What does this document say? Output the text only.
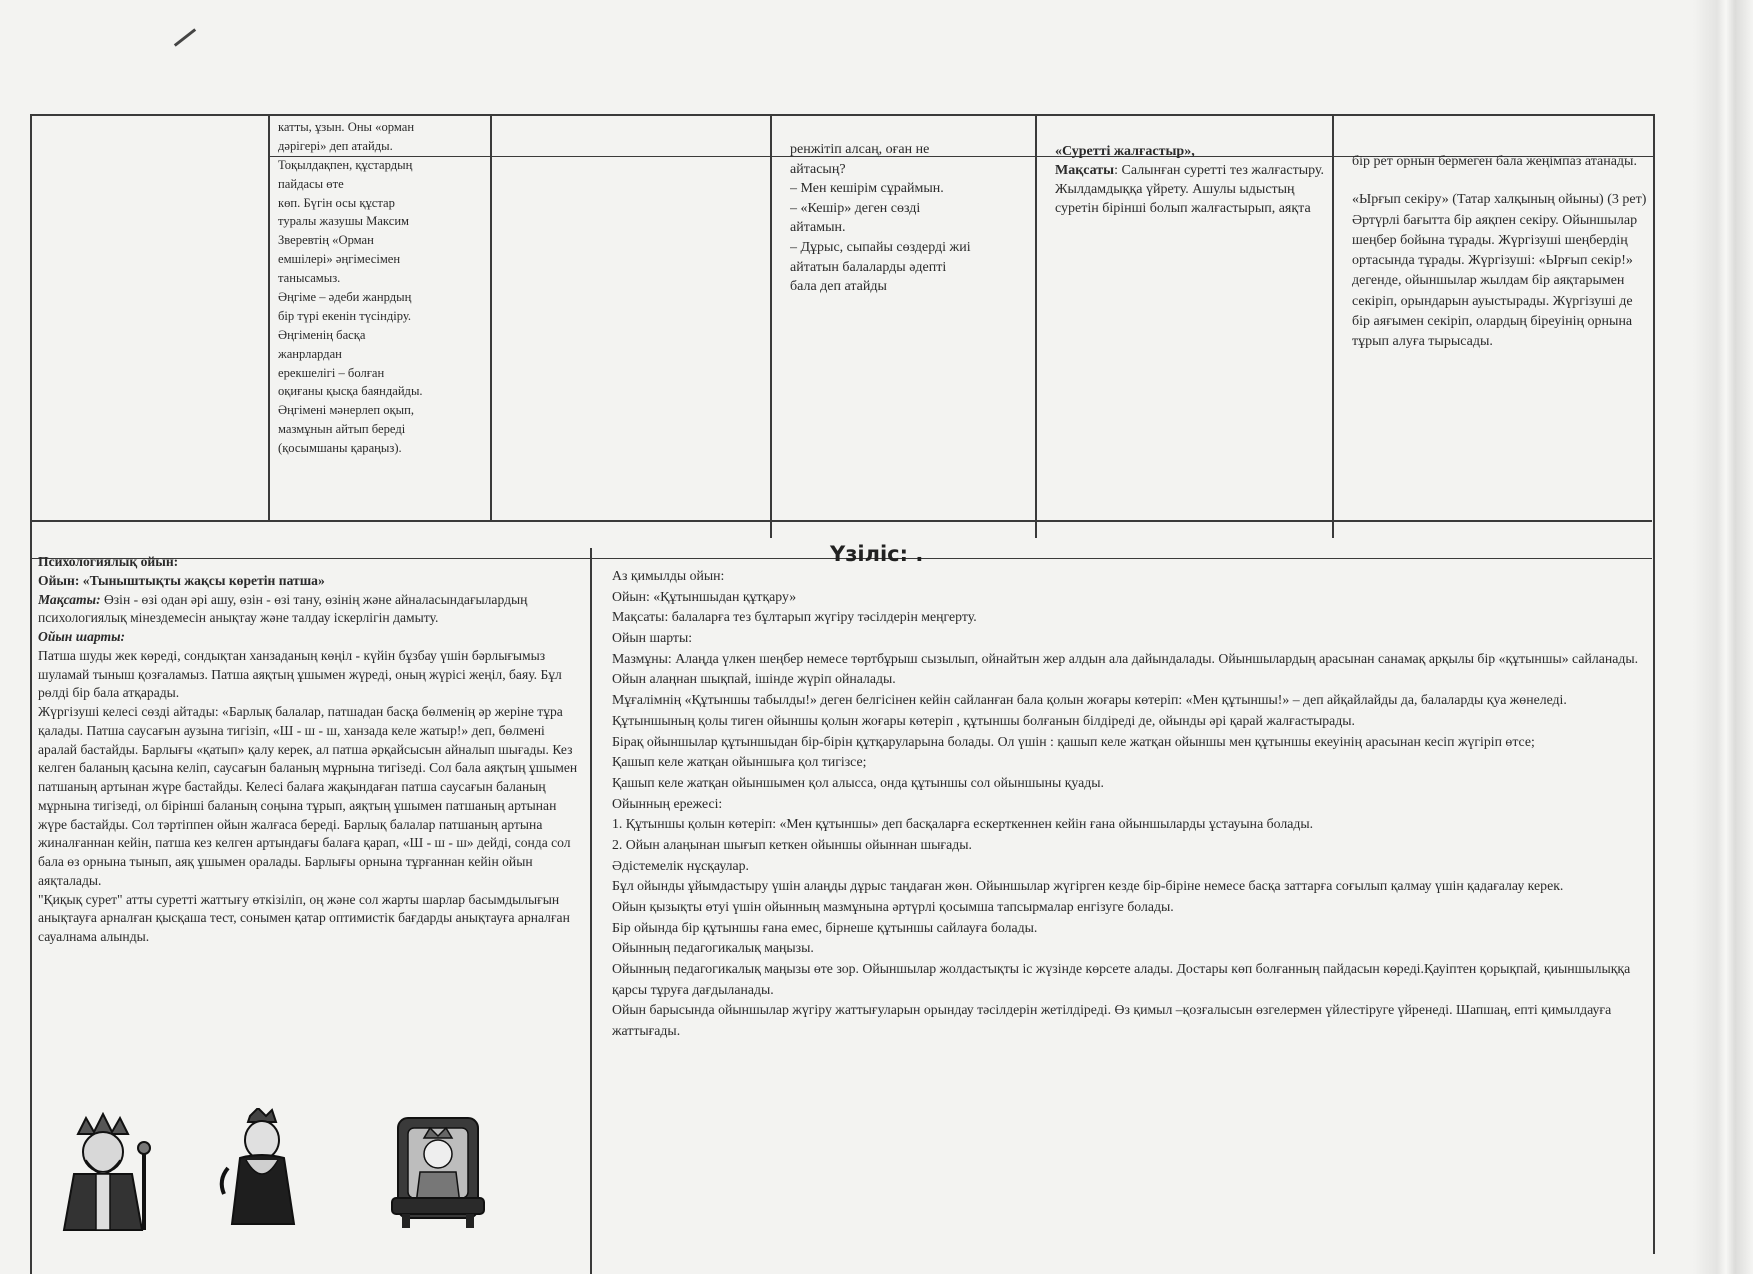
катты, ұзын. Оны «орман

дәрігері» деп атайды.

Тоқылдақпен, құстардың

пайдасы өте

көп. Бүгін осы құстар

туралы жазушы Максим

Зверевтің «Орман

емшілері» әңгімесімен

танысамыз.

Әңгіме – әдеби жанрдың

бір түрі екенін түсіндіру.

Әңгіменің басқа

жанрлардан

ерекшелігі – болған

оқиғаны қысқа баяндайды.

Әңгімені мәнерлеп оқып,

мазмұнын айтып береді

(қосымшаны қараңыз).

ренжітіп алсаң, оған не

айтасың?

– Мен кешірім сұраймын.

– «Кешір» деген сөзді

айтамын.

– Дұрыс, сыпайы сөздерді жиі

айтатын балаларды әдепті

бала деп атайды

«Суретті жалғастыр»,

Мақсаты: Салынған суретті тез жалғастыру. Жылдамдыққа үйрету. Ашулы ыдыстың суретін біріншi болып жалғастырып, аяқта

бір рет орнын бермеген бала жеңімпаз атанады.

«Ырғып секіру» (Татар халқының ойыны) (3 рет)

Әртүрлі бағытта бір аяқпен секіру. Ойыншылар шеңбер бойына тұрады. Жүргізуші шеңбердің ортасында тұрады. Жүргізуші: «Ырғып секір!» дегенде, ойыншылар жылдам бір аяқтарымен секіріп, орындарын ауыстырады. Жүргізуші де бір аяғымен секіріп, олардың біреуінің орнына тұрып алуға тырысады.

Үзіліс: .

Психологиялық ойын:

Ойын: «Тыныштықты жақсы көретін патша»

Мақсаты: Өзін - өзі одан әрі ашу, өзін - өзі тану, өзінің және айналасындағылардың психологиялық мінездемесін анықтау және талдау іскерлігін дамыту.

Ойын шарты:

Патша шуды жек көреді, сондықтан ханзаданың көңіл - күйін бұзбау үшін бәрлығымыз шуламай тыныш қозғаламыз. Патша аяқтың ұшымен жүреді, оның жүрісі жеңіл, баяу. Бұл рөлді бір бала атқарады.

Жүргізуші келесі сөзді айтады: «Барлық балалар, патшадан басқа бөлменің әр жеріне тұра қалады. Патша саусағын аузына тигізіп, «Ш - ш - ш, ханзада келе жатыр!» деп, бөлмені аралай бастайды. Барлығы «қатып» қалу керек, ал патша әрқайсысын айналып шығады. Кез келген баланың қасына келіп, саусағын баланың мұрнына тигізеді. Сол бала аяқтың ұшымен патшаның артынан жүре бастайды. Келесі балаға жақындаған патша саусағын баланың мұрнына тигізеді, ол біріншi баланың соңына тұрып, аяқтың ұшымен патшаның артынан жүре бастайды. Сол тәртіппен ойын жалғаса береді. Барлық балалар патшаның артына жиналғаннан кейін, патша кез келген артындағы балаға қарап, «Ш - ш - ш» дейді, сонда сол бала өз орнына тынып, аяқ ұшымен оралады. Барлығы орнына тұрғаннан кейін ойын аяқталады.

"Қиқық сурет" атты суретті жаттығу өткізіліп, оң және сол жарты шарлар басымдылығын анықтауға арналған қысқаша тест, сонымен қатар оптимистік бағдарды анықтауға арналған сауалнама алынды.

Аз қимылды ойын:

Ойын: «Құтыншыдан құтқару»

Мақсаты: балаларға тез бұлтарып жүгіру тәсілдерін меңгерту.

Ойын шарты:

Мазмұны: Алаңда үлкен шеңбер немесе төртбұрыш сызылып, ойнайтын жер алдын ала дайындалады. Ойыншылардың арасынан санамақ арқылы бір «құтыншы» сайланады. Ойын алаңнан шықпай, ішінде жүріп ойналады.

Мұғалімнің «Құтыншы табылды!» деген белгісінен кейін сайланған бала қолын жоғары көтеріп: «Мен құтыншы!» – деп айқайлайды да, балаларды қуа жөнеледі.

Құтыншының қолы тиген ойыншы қолын жоғары көтеріп , құтыншы болғанын білдіреді де, ойынды әрі қарай жалғастырады.

Бірақ ойыншылар құтыншыдан бір-бірін құтқаруларына болады. Ол үшін : қашып келе жатқан ойыншы мен құтыншы екеуінің арасынан кесіп жүгіріп өтсе;

Қашып келе жатқан ойыншыға қол тигізсе;

Қашып келе жатқан ойыншымен қол алысса, онда құтыншы сол ойыншыны қуады.

Ойынның ережесі:

1. Құтыншы қолын көтеріп: «Мен құтыншы» деп басқаларға ескерткеннен кейін ғана ойыншыларды ұстауына болады.

2. Ойын алаңынан шығып кеткен ойыншы ойыннан шығады.

Әдістемелік нұсқаулар.

Бұл ойынды ұйымдастыру үшін алаңды дұрыс таңдаған жөн. Ойыншылар жүгірген кезде бір-біріне немесе басқа заттарға соғылып қалмау үшін қадағалау керек.

Ойын қызықты өтуі үшін ойынның мазмұнына әртүрлі қосымша тапсырмалар енгізуге болады.

Бір ойында бір құтыншы ғана емес, бірнеше құтыншы сайлауға болады.

Ойынның педагогикалық маңызы.

Ойынның педагогикалық маңызы өте зор. Ойыншылар жолдастықты іс жүзінде көрсете алады. Достары көп болғанның пайдасын көреді.Қауіптен қорықпай, қиыншылыққа қарсы тұруға дағдыланады.

Ойын барысында ойыншылар жүгіру жаттығуларын орындау тәсілдерін жетілдіреді. Өз қимыл –қозғалысын өзгелермен үйлестіруге үйренеді. Шапшаң, епті қимылдауға жаттығады.
